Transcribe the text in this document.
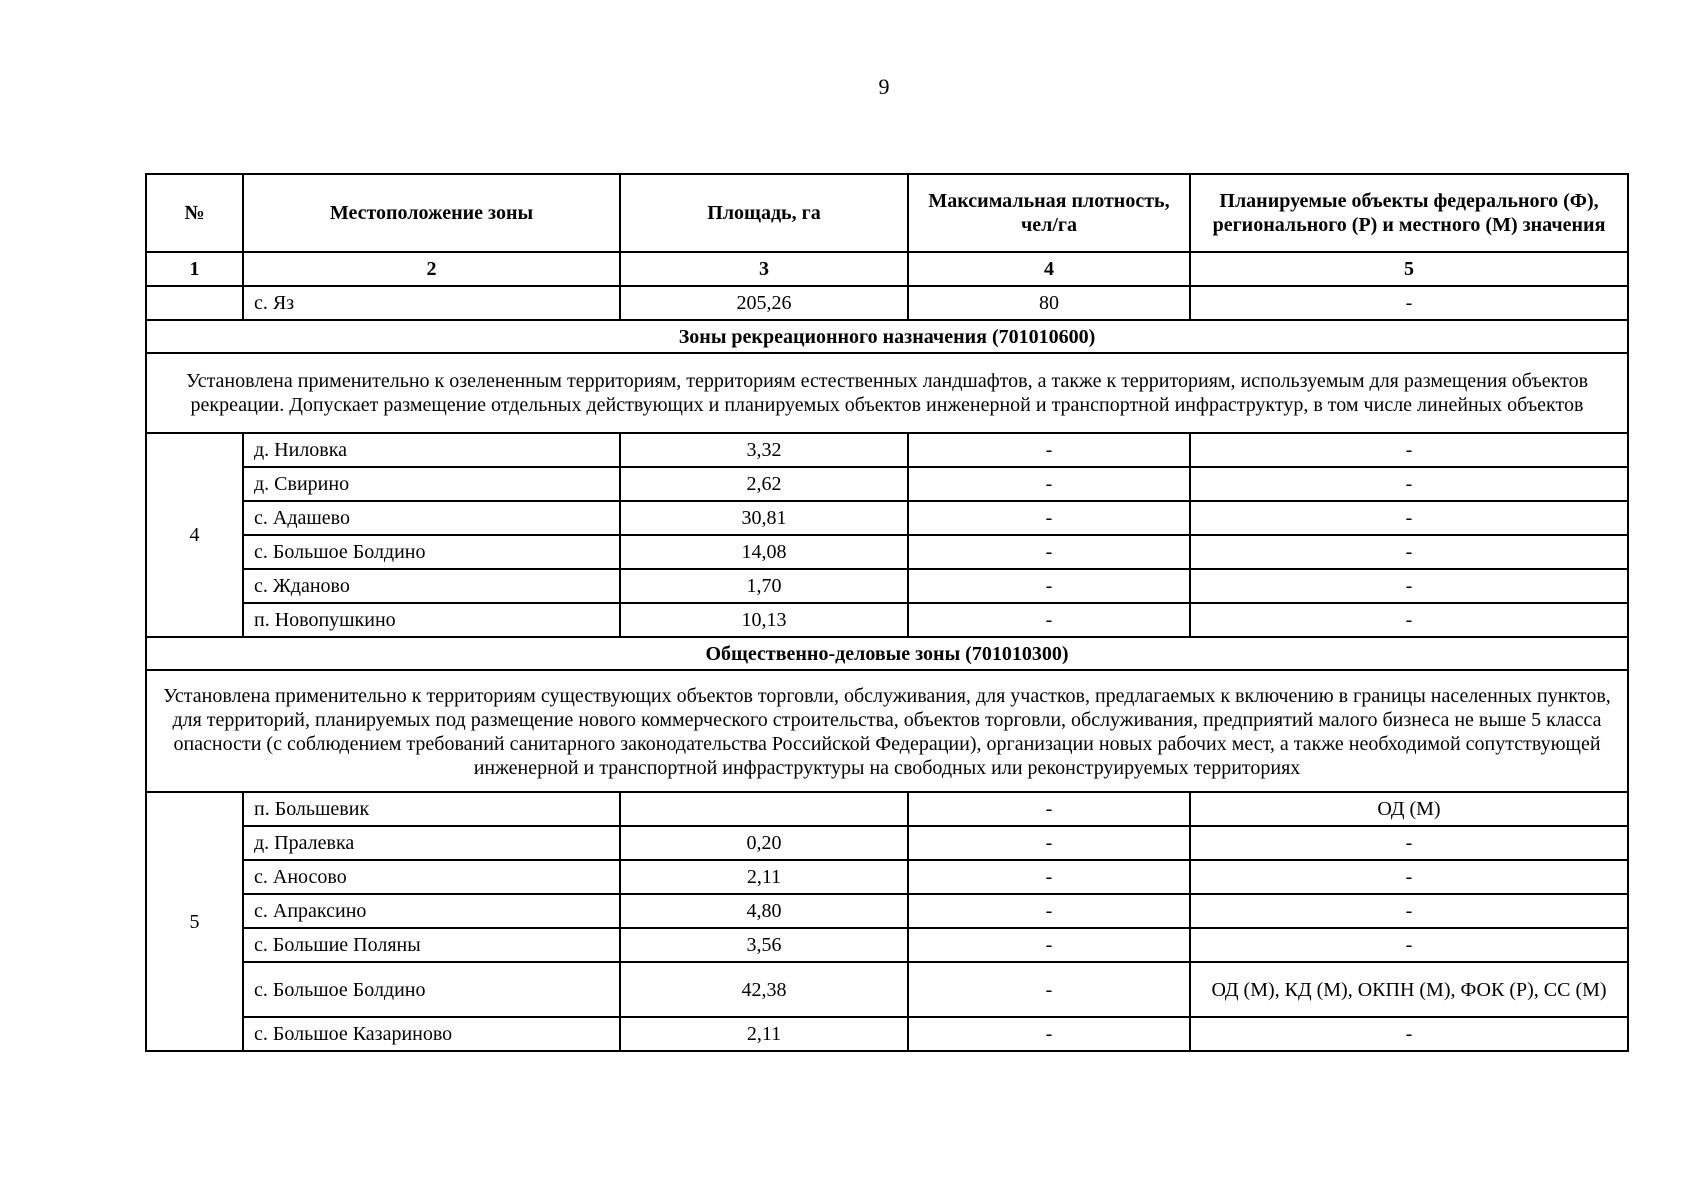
9
№	Местоположение зоны	Площадь, га	Максимальная плотность, чел/га	Планируемые объекты федерального (Ф), регионального (Р) и местного (М) значения
1	2	3	4	5
	с. Яз	205,26	80	-
Зоны рекреационного назначения (701010600)				
Установлена применительно к озелененным территориям, территориям естественных ландшафтов, а также к территориям, используемым для размещения объектов рекреации. Допускает размещение отдельных действующих и планируемых объектов инженерной и транспортной инфраструктур, в том числе линейных объектов				
4	д. Ниловка	3,32	-	-
	д. Свирино	2,62	-	-
	с. Адашево	30,81	-	-
	с. Большое Болдино	14,08	-	-
	с. Жданово	1,70	-	-
	п. Новопушкино	10,13	-	-
Общественно-деловые зоны (701010300)				
Установлена применительно к территориям существующих объектов торговли, обслуживания, для участков, предлагаемых к включению в границы населенных пунктов, для территорий, планируемых под размещение нового коммерческого строительства, объектов торговли, обслуживания, предприятий малого бизнеса не выше 5 класса опасности (с соблюдением требований санитарного законодательства Российской Федерации), организации новых рабочих мест, а также необходимой сопутствующей инженерной и транспортной инфраструктуры на свободных или реконструируемых территориях				
5	п. Большевик		-	ОД (М)
	д. Пралевка	0,20	-	-
	с. Аносово	2,11	-	-
	с. Апраксино	4,80	-	-
	с. Большие Поляны	3,56	-	-
	с. Большое Болдино	42,38	-	ОД (М), КД (М), ОКПН (М), ФОК (Р), СС (М)
	с. Большое Казариново	2,11	-	-
